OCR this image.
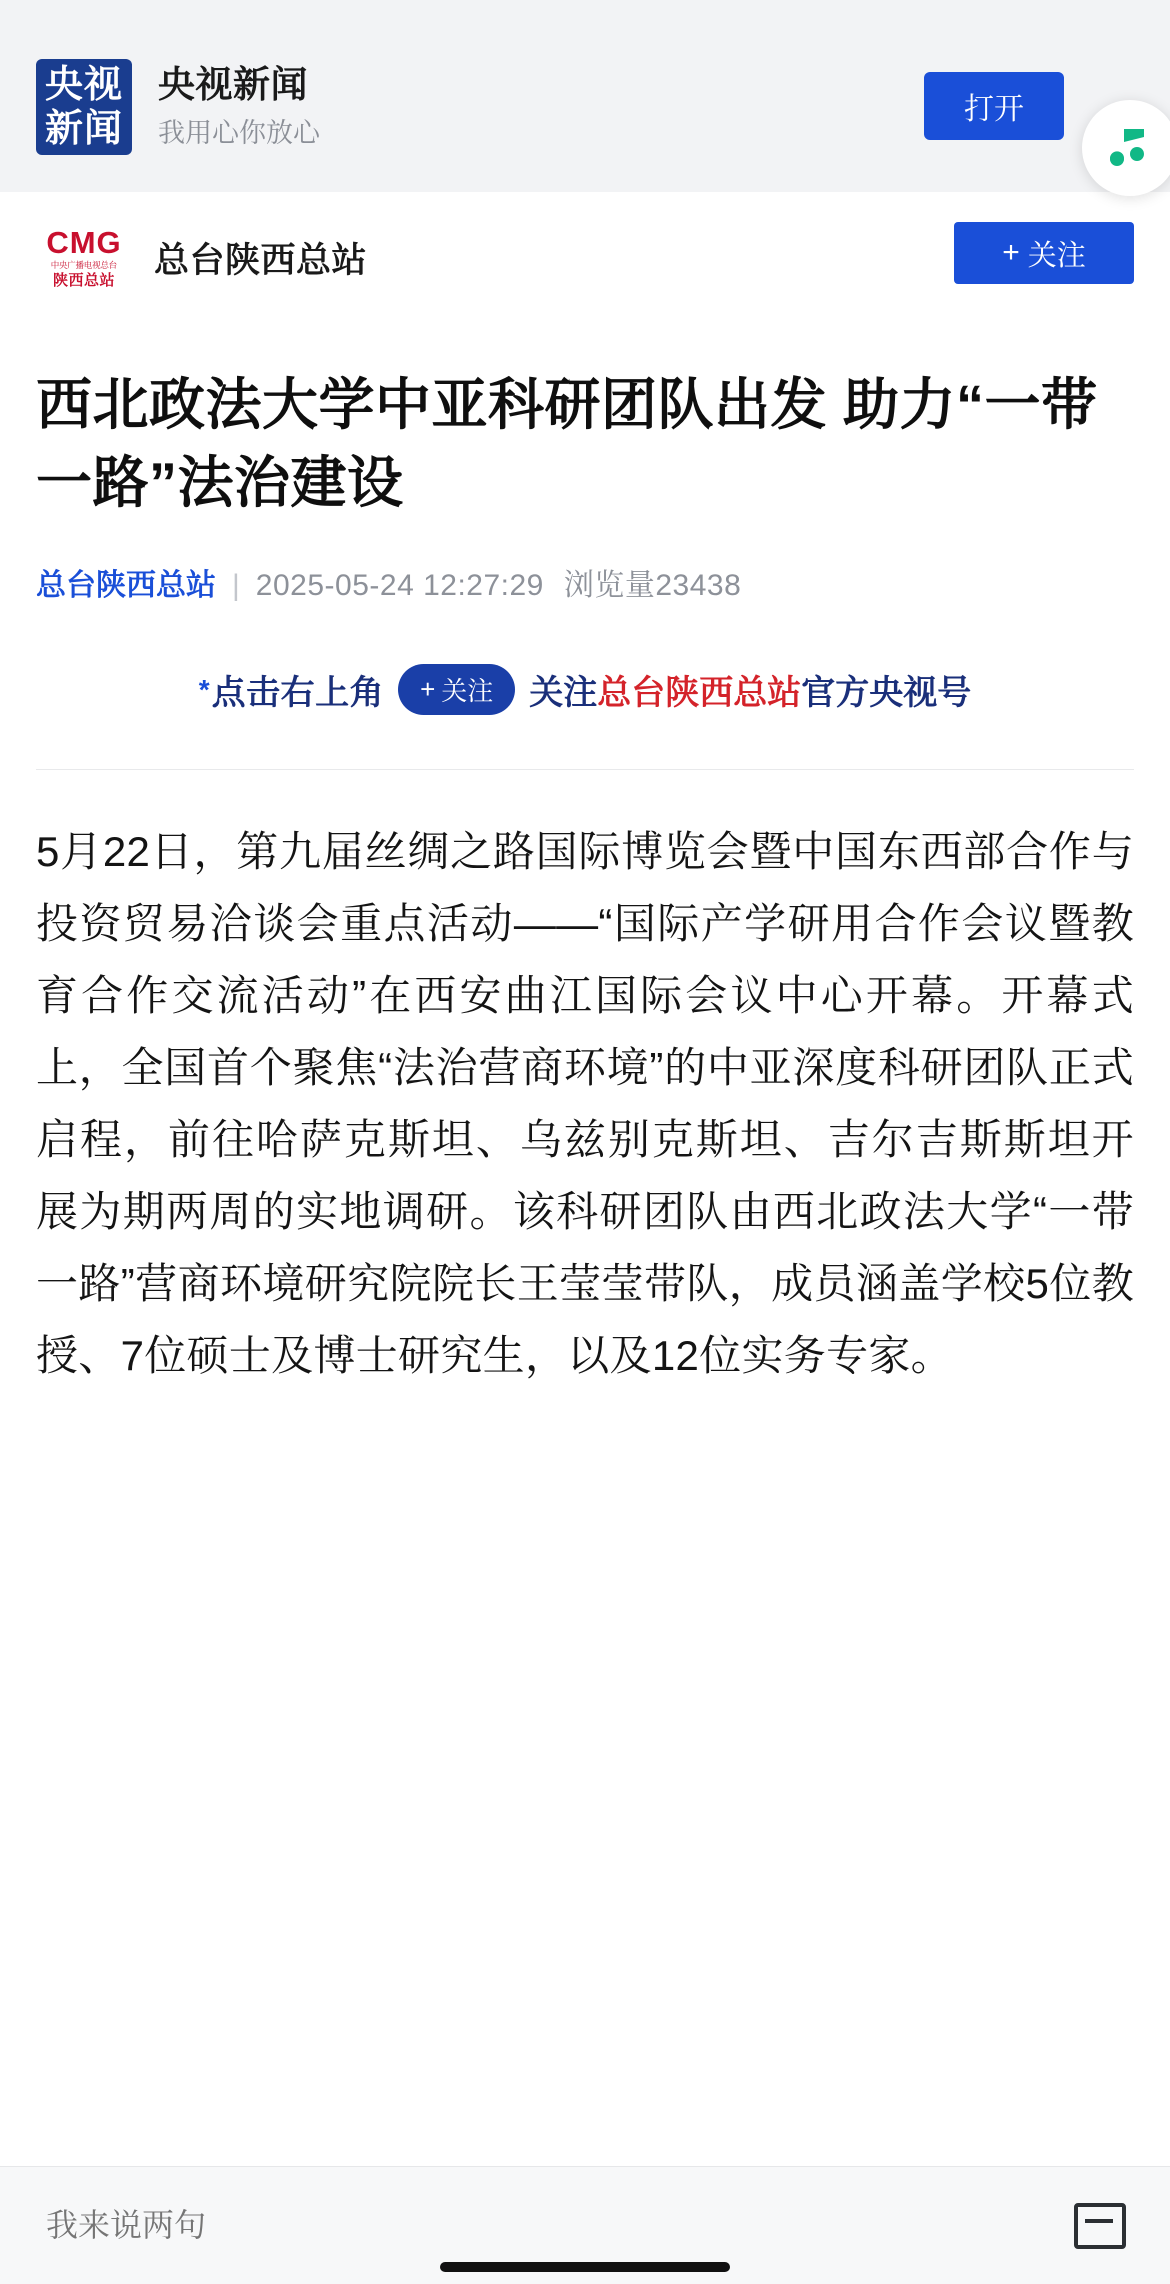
央视
新闻
央视新闻
我用心你放心
打开
CMG
中央广播电视总台
陕西总站 总台陕西总站	+ 关注
西北政法大学中亚科研团队出发 助力“一带一路”法治建设
总台陕西总站 | 2025-05-24 12:27:29 浏览量23438
* 点击右上角 + 关注 关注 总台陕西总站 官方央视号
5月22日，第九届丝绸之路国际博览会暨中国东西部合作与投资贸易洽谈会重点活动——“国际产学研用合作会议暨教育合作交流活动”在西安曲江国际会议中心开幕。开幕式上，全国首个聚焦“法治营商环境”的中亚深度科研团队正式启程，前往哈萨克斯坦、乌兹别克斯坦、吉尔吉斯斯坦开展为期两周的实地调研。该科研团队由西北政法大学“一带一路”营商环境研究院院长王莹莹带队，成员涵盖学校5位教授、7位硕士及博士研究生，以及12位实务专家。
我来说两句
